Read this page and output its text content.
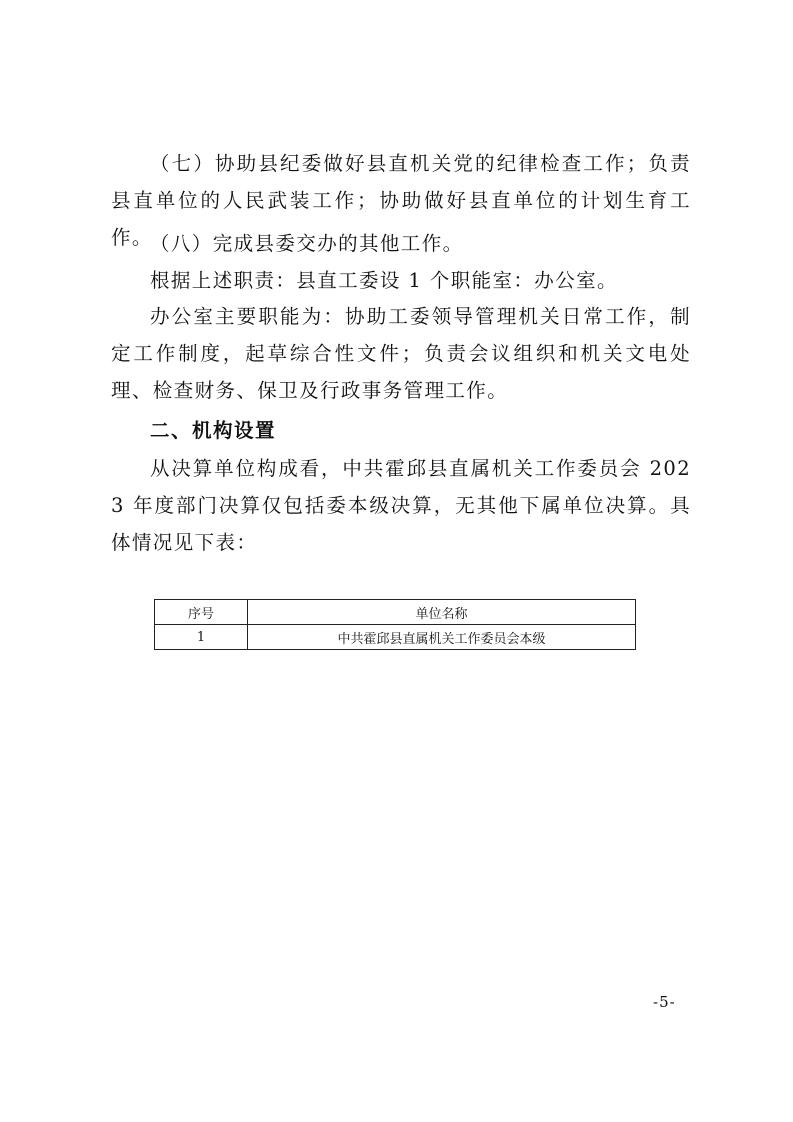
（七）协助县纪委做好县直机关党的纪律检查工作；负责县直单位的人民武装工作；协助做好县直单位的计划生育工作。

（八）完成县委交办的其他工作。

根据上述职责：县直工委设 1 个职能室：办公室。

办公室主要职能为：协助工委领导管理机关日常工作，制定工作制度，起草综合性文件；负责会议组织和机关文电处理、检查财务、保卫及行政事务管理工作。

二、机构设置

从决算单位构成看，中共霍邱县直属机关工作委员会 2023 年度部门决算仅包括委本级决算，无其他下属单位决算。具体情况见下表：

序号	单位名称
1	中共霍邱县直属机关工作委员会本级
-5-
